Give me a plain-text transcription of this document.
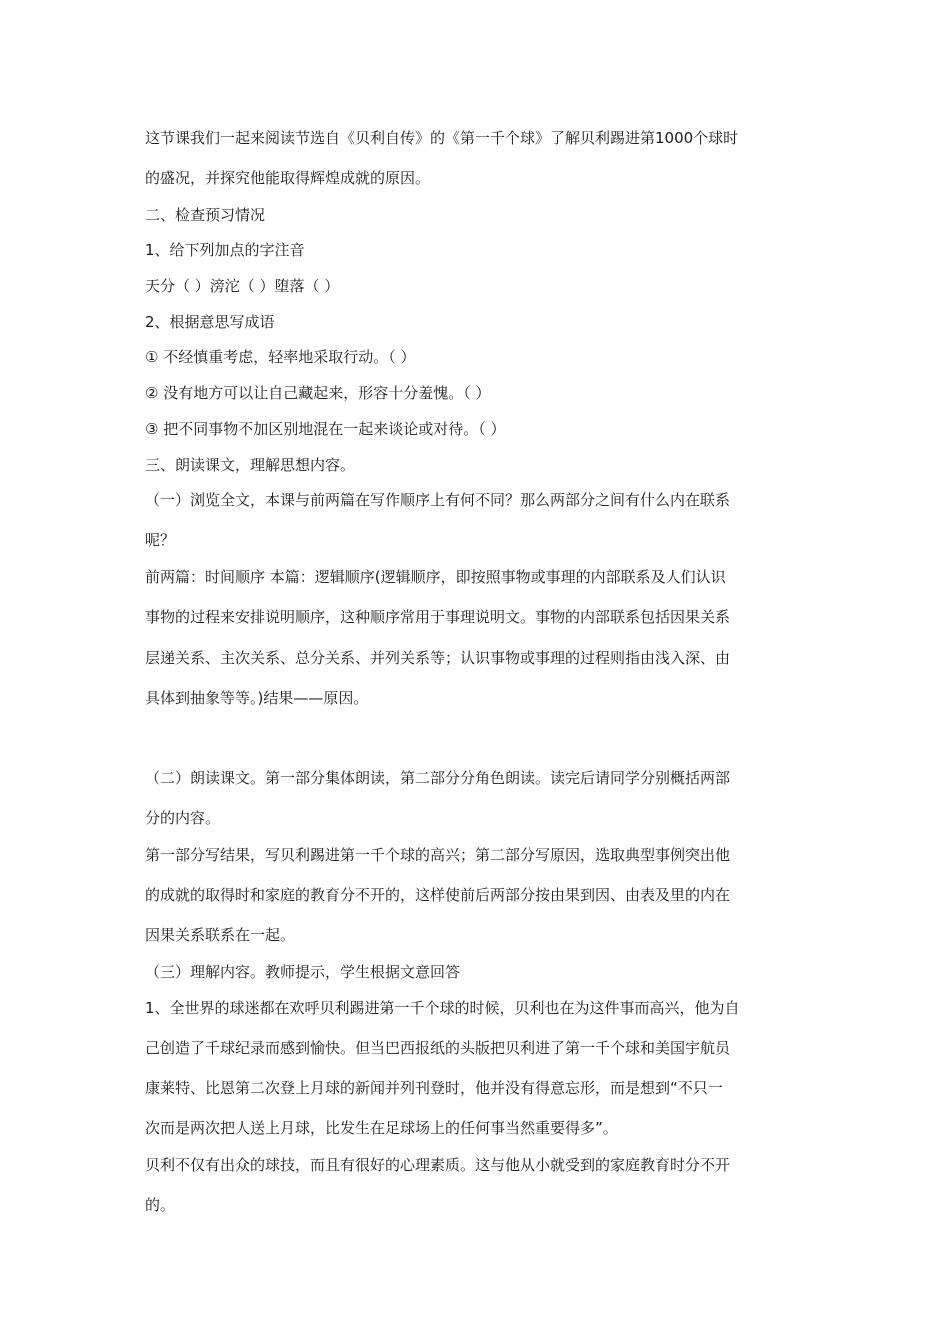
这节课我们一起来阅读节选自《贝利自传》的《第一千个球》了解贝利踢进第1000个球时
的盛况，并探究他能取得辉煌成就的原因。
二、检查预习情况
1、给下列加点的字注音
天分（ ）滂沱（ ）堕落（ ）
2、根据意思写成语
① 不经慎重考虑，轻率地采取行动。（ ）
② 没有地方可以让自己藏起来，形容十分羞愧。（ ）
③ 把不同事物不加区别地混在一起来谈论或对待。（ ）
三、朗读课文，理解思想内容。
（一）浏览全文，本课与前两篇在写作顺序上有何不同？那么两部分之间有什么内在联系
呢？
前两篇：时间顺序 本篇：逻辑顺序(逻辑顺序，即按照事物或事理的内部联系及人们认识
事物的过程来安排说明顺序，这种顺序常用于事理说明文。事物的内部联系包括因果关系
层递关系、主次关系、总分关系、并列关系等；认识事物或事理的过程则指由浅入深、由
具体到抽象等等。)结果——原因。
（二）朗读课文。第一部分集体朗读，第二部分分角色朗读。读完后请同学分别概括两部
分的内容。
第一部分写结果，写贝利踢进第一千个球的高兴；第二部分写原因，选取典型事例突出他
的成就的取得时和家庭的教育分不开的，这样使前后两部分按由果到因、由表及里的内在
因果关系联系在一起。
（三）理解内容。教师提示，学生根据文意回答
1、全世界的球迷都在欢呼贝利踢进第一千个球的时候，贝利也在为这件事而高兴，他为自
己创造了千球纪录而感到愉快。但当巴西报纸的头版把贝利进了第一千个球和美国宇航员
康莱特、比恩第二次登上月球的新闻并列刊登时，他并没有得意忘形，而是想到“不只一
次而是两次把人送上月球，比发生在足球场上的任何事当然重要得多”。
贝利不仅有出众的球技，而且有很好的心理素质。这与他从小就受到的家庭教育时分不开
的。
